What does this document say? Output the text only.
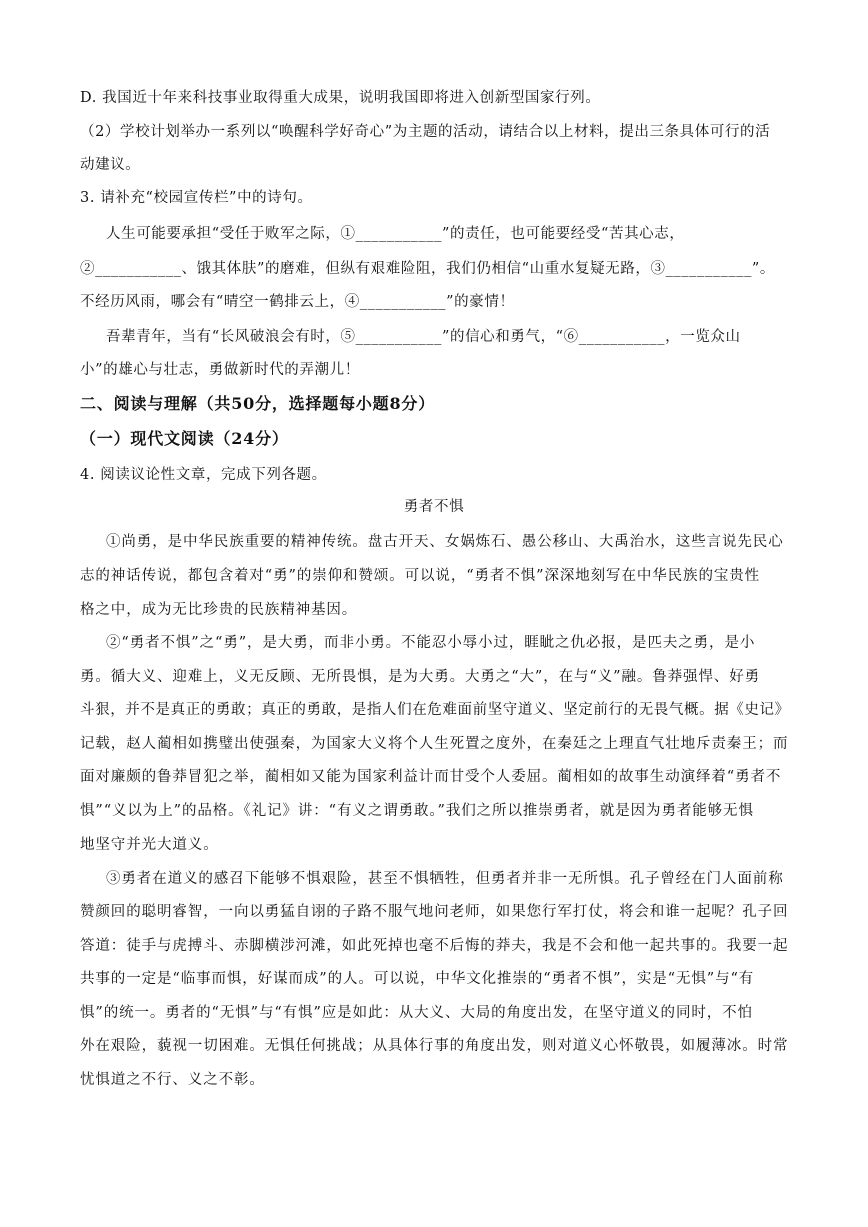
D. 我国近十年来科技事业取得重大成果，说明我国即将进入创新型国家行列。
（2）学校计划举办一系列以“唤醒科学好奇心”为主题的活动，请结合以上材料，提出三条具体可行的活
动建议。
3. 请补充“校园宣传栏”中的诗句。
人生可能要承担“受任于败军之际，①___________”的责任，也可能要经受“苦其心志，
②___________、饿其体肤”的磨难，但纵有艰难险阻，我们仍相信“山重水复疑无路，③___________”。
不经历风雨，哪会有“晴空一鹤排云上，④___________”的豪情！
吾辈青年，当有“长风破浪会有时，⑤___________”的信心和勇气，“⑥___________，一览众山
小”的雄心与壮志，勇做新时代的弄潮儿！
二、阅读与理解（共50分，选择题每小题8分）
（一）现代文阅读（24分）
4. 阅读议论性文章，完成下列各题。
勇者不惧
①尚勇，是中华民族重要的精神传统。盘古开天、女娲炼石、愚公移山、大禹治水，这些言说先民心
志的神话传说，都包含着对“勇”的崇仰和赞颂。可以说，“勇者不惧”深深地刻写在中华民族的宝贵性
格之中，成为无比珍贵的民族精神基因。
②“勇者不惧”之“勇”，是大勇，而非小勇。不能忍小辱小过，睚眦之仇必报，是匹夫之勇，是小
勇。循大义、迎难上，义无反顾、无所畏惧，是为大勇。大勇之“大”，在与“义”融。鲁莽强悍、好勇
斗狠，并不是真正的勇敢；真正的勇敢，是指人们在危难面前坚守道义、坚定前行的无畏气概。据《史记》
记载，赵人蔺相如携璧出使强秦，为国家大义将个人生死置之度外，在秦廷之上理直气壮地斥责秦王；而
面对廉颇的鲁莽冒犯之举，蔺相如又能为国家利益计而甘受个人委屈。蔺相如的故事生动演绎着“勇者不
惧”“义以为上”的品格。《礼记》讲：“有义之谓勇敢。”我们之所以推崇勇者，就是因为勇者能够无惧
地坚守并光大道义。
③勇者在道义的感召下能够不惧艰险，甚至不惧牺牲，但勇者并非一无所惧。孔子曾经在门人面前称
赞颜回的聪明睿智，一向以勇猛自诩的子路不服气地问老师，如果您行军打仗，将会和谁一起呢？孔子回
答道：徒手与虎搏斗、赤脚横涉河滩，如此死掉也毫不后悔的莽夫，我是不会和他一起共事的。我要一起
共事的一定是“临事而惧，好谋而成”的人。可以说，中华文化推崇的“勇者不惧”，实是“无惧”与“有
惧”的统一。勇者的“无惧”与“有惧”应是如此：从大义、大局的角度出发，在坚守道义的同时，不怕
外在艰险，藐视一切困难。无惧任何挑战；从具体行事的角度出发，则对道义心怀敬畏，如履薄冰。时常
忧惧道之不行、义之不彰。
